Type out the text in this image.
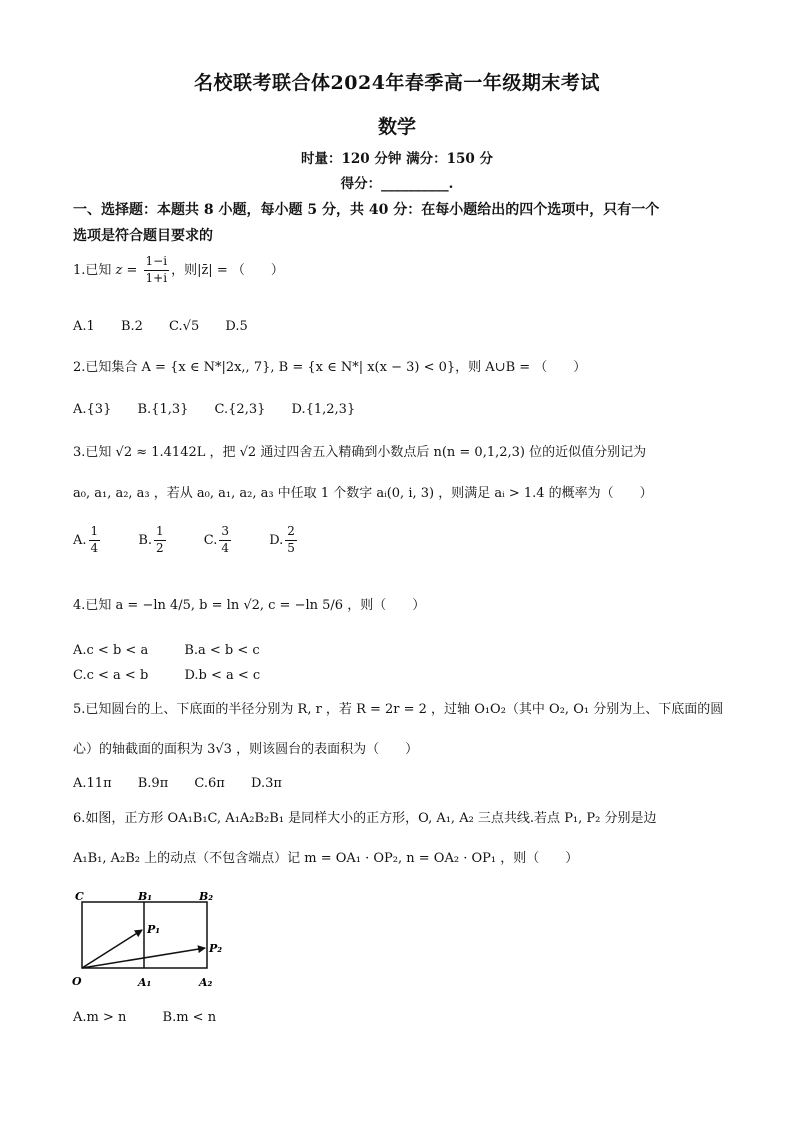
名校联考联合体2024年春季高一年级期末考试
数学
时量：120 分钟 满分：150 分
得分：__________.
一、选择题：本题共 8 小题，每小题 5 分，共 40 分：在每小题给出的四个选项中，只有一个
选项是符合题目要求的
1.已知 $z = \frac{1-i}{1+i}$ ，则|z̄| = （　　）
A.1 B.2 C.√5 D.5
2.已知集合 A = {x ∈ N*|2x,, 7}, B = {x ∈ N*| x(x − 3) < 0}，则 A∪B = （　　）
A.{3} B.{1,3} C.{2,3} D.{1,2,3}
3.已知 √2 ≈ 1.4142L ，把 √2 通过四舍五入精确到小数点后 n(n = 0,1,2,3) 位的近似值分别记为
a₀, a₁, a₂, a₃ ，若从 a₀, a₁, a₂, a₃ 中任取 1 个数字 aᵢ(0, i, 3) ，则满足 aᵢ > 1.4 的概率为（　　）
A. $\frac{1}{4}$	B. $\frac{1}{2}$	C. $\frac{3}{4}$	D. $\frac{2}{5}$
4.已知 a = −ln 4/5, b = ln √2, c = −ln 5/6 ，则（　　）
A.c < b < a	B.a < b < c
C.c < a < b	D.b < a < c
5.已知圆台的上、下底面的半径分别为 R, r ，若 R = 2r = 2 ，过轴 O₁O₂（其中 O₂, O₁ 分别为上、下底面的圆
心）的轴截面的面积为 3√3 ，则该圆台的表面积为（　　）
A.11π B.9π C.6π D.3π
6.如图，正方形 OA₁B₁C, A₁A₂B₂B₁ 是同样大小的正方形，O, A₁, A₂ 三点共线.若点 P₁, P₂ 分别是边
A₁B₁, A₂B₂ 上的动点（不包含端点）记 m = OA₁ · OP₂, n = OA₂ · OP₁ ，则（　　）
C	B₁	B₂
P₁
P₂
O	A₁	A₂
A.m > n	B.m < n
